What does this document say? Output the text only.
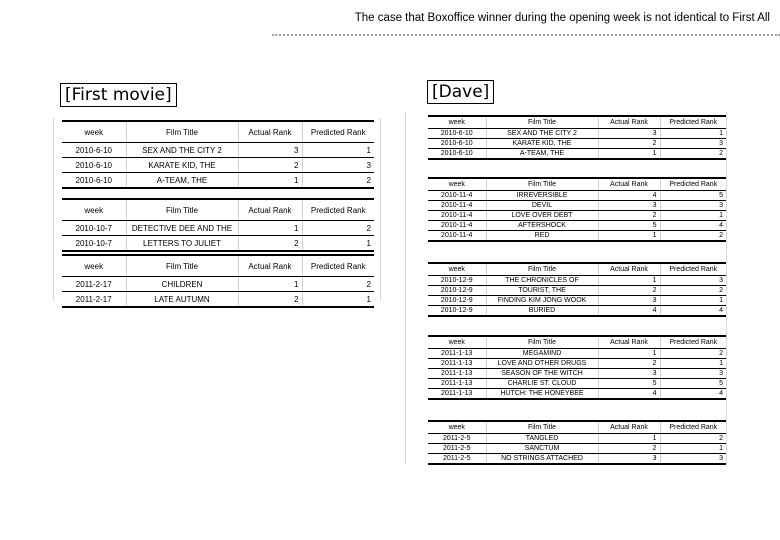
The case that Boxoffice winner during the opening week is not identical to First All
[First movie]	[Dave]
week	Film Title	Actual Rank	Predicted Rank
2010-6-10	SEX AND THE CITY 2	3	1
2010-6-10	KARATE KID, THE	2	3
2010-6-10	A-TEAM, THE	1	2
week	Film Title	Actual Rank	Predicted Rank
2010-10-7	DETECTIVE DEE AND THE	1	2
2010-10-7	LETTERS TO JULIET	2	1
week	Film Title	Actual Rank	Predicted Rank
2011-2-17	CHILDREN	1	2
2011-2-17	LATE AUTUMN	2	1
week	Film Title	Actual Rank	Predicted Rank
2010-6-10	SEX AND THE CITY 2	3	1
2010-6-10	KARATE KID, THE	2	3
2010-6-10	A-TEAM, THE	1	2
week	Film Title	Actual Rank	Predicted Rank
2010-11-4	IRREVERSIBLE	4	5
2010-11-4	DEVIL	3	3
2010-11-4	LOVE OVER DEBT	2	1
2010-11-4	AFTERSHOCK	5	4
2010-11-4	RED	1	2
week	Film Title	Actual Rank	Predicted Rank
2010-12-9	THE CHRONICLES OF	1	3
2010-12-9	TOURIST, THE	2	2
2010-12-9	FINDING KIM JONG WOOK	3	1
2010-12-9	BURIED	4	4
week	Film Title	Actual Rank	Predicted Rank
2011-1-13	MEGAMIND	1	2
2011-1-13	LOVE AND OTHER DRUGS	2	1
2011-1-13	SEASON OF THE WITCH	3	3
2011-1-13	CHARLIE ST. CLOUD	5	5
2011-1-13	HUTCH: THE HONEYBEE	4	4
week	Film Title	Actual Rank	Predicted Rank
2011-2-5	TANGLED	1	2
2011-2-5	SANCTUM	2	1
2011-2-5	NO STRINGS ATTACHED	3	3
